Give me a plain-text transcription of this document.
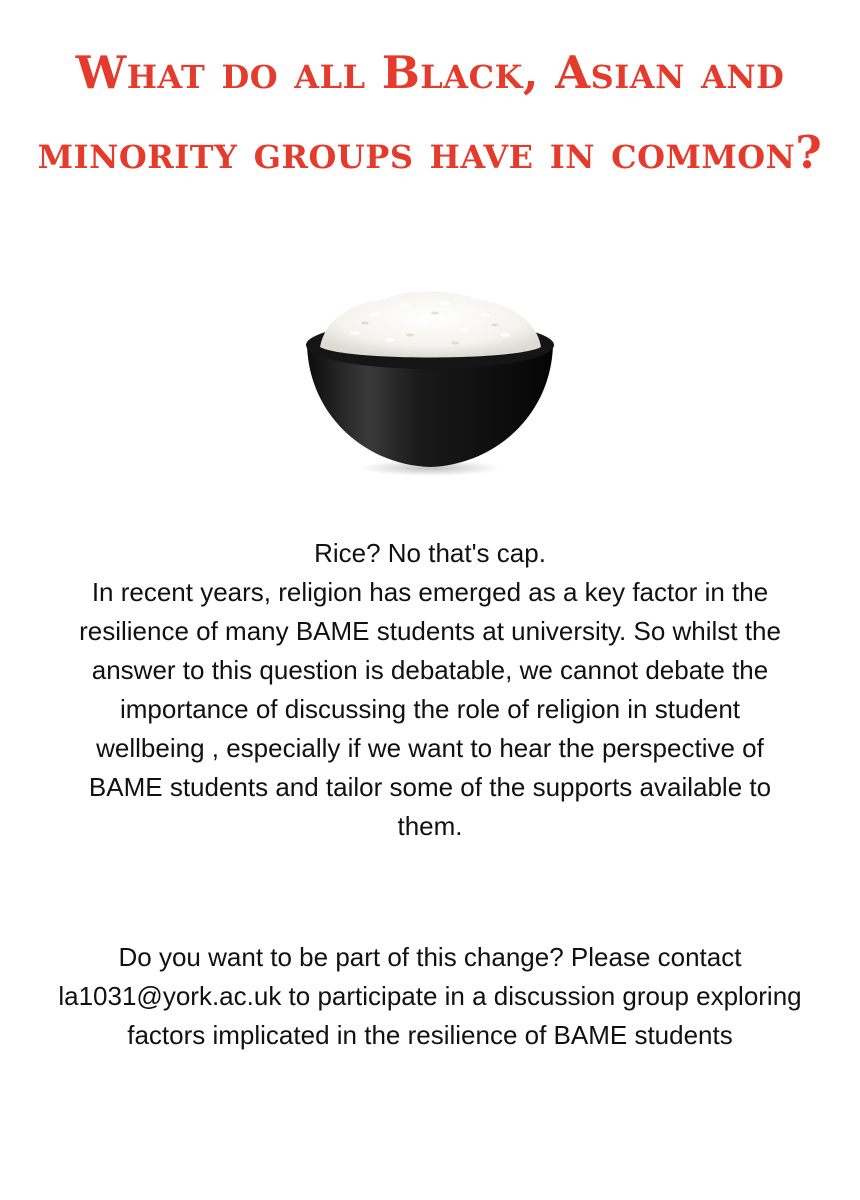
What do all Black, Asian and
minority groups have in common?

Rice? No that's cap.

In recent years, religion has emerged as a key factor in the

resilience of many BAME students at university. So whilst the

answer to this question is debatable, we cannot debate the

importance of discussing the role of religion in student

wellbeing , especially if we want to hear the perspective of

BAME students and tailor some of the supports available to

them.

Do you want to be part of this change? Please contact

la1031@york.ac.uk to participate in a discussion group exploring

factors implicated in the resilience of BAME students
